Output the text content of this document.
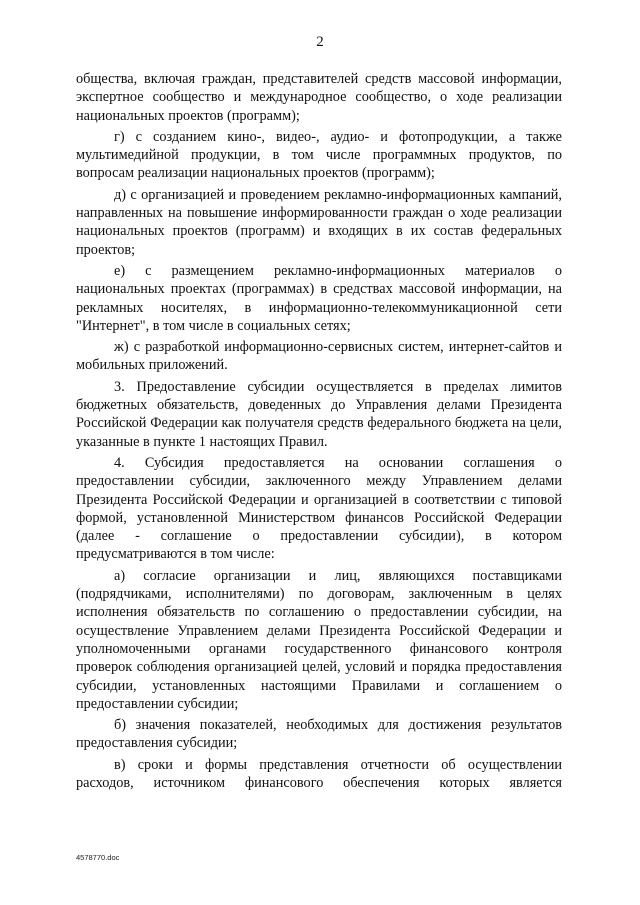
2

общества, включая граждан, представителей средств массовой информации, экспертное сообщество и международное сообщество, о ходе реализации национальных проектов (программ);

г) с созданием кино-, видео-, аудио- и фотопродукции, а также мультимедийной продукции, в том числе программных продуктов, по вопросам реализации национальных проектов (программ);

д) с организацией и проведением рекламно-информационных кампаний, направленных на повышение информированности граждан о ходе реализации национальных проектов (программ) и входящих в их состав федеральных проектов;

е) с размещением рекламно-информационных материалов о национальных проектах (программах) в средствах массовой информации, на рекламных носителях, в информационно-телекоммуникационной сети "Интернет", в том числе в социальных сетях;

ж) с разработкой информационно-сервисных систем, интернет-сайтов и мобильных приложений.

3. Предоставление субсидии осуществляется в пределах лимитов бюджетных обязательств, доведенных до Управления делами Президента Российской Федерации как получателя средств федерального бюджета на цели, указанные в пункте 1 настоящих Правил.

4. Субсидия предоставляется на основании соглашения о предоставлении субсидии, заключенного между Управлением делами Президента Российской Федерации и организацией в соответствии с типовой формой, установленной Министерством финансов Российской Федерации (далее - соглашение о предоставлении субсидии), в котором предусматриваются в том числе:

а) согласие организации и лиц, являющихся поставщиками (подрядчиками, исполнителями) по договорам, заключенным в целях исполнения обязательств по соглашению о предоставлении субсидии, на осуществление Управлением делами Президента Российской Федерации и уполномоченными органами государственного финансового контроля проверок соблюдения организацией целей, условий и порядка предоставления субсидии, установленных настоящими Правилами и соглашением о предоставлении субсидии;

б) значения показателей, необходимых для достижения результатов предоставления субсидии;

в) сроки и формы представления отчетности об осуществлении расходов, источником финансового обеспечения которых является

4578770.doc
